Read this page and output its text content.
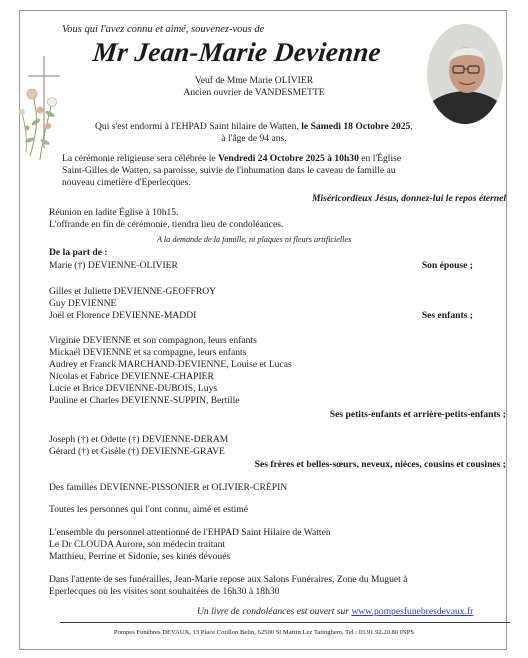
Vous qui l'avez connu et aimé, souvenez-vous de
Mr Jean-Marie Devienne
Veuf de Mme Marie OLIVIER
Ancien ouvrier de VANDESMETTE
Qui s'est endormi à l'EHPAD Saint hilaire de Watten, le Samedi 18 Octobre 2025,
à l'âge de 94 ans.
La cérémonie religieuse sera célébrée le Vendredi 24 Octobre 2025 à 10h30 en l'Église
Saint-Gilles de Watten, sa paroisse, suivie de l'inhumation dans le caveau de famille au
nouveau cimetière d'Eperlecques.
Miséricordieux Jésus, donnez-lui le repos éternel
Réunion en ladite Église à 10h15.
L'offrande en fin de cérémonie, tiendra lieu de condoléances.
A la demande de la famille, ni plaques ni fleurs artificielles
De la part de :
Marie (†) DEVIENNE-OLIVIER	Son épouse ;
Gilles et Juliette DEVIENNE-GEOFFROY
Guy DEVIENNE
Joël et Florence DEVIENNE-MADDI	Ses enfants ;
Virginie DEVIENNE et son compagnon, leurs enfants
Mickaël DEVIENNE et sa compagne, leurs enfants
Audrey et Franck MARCHAND-DEVIENNE, Louise et Lucas
Nicolas et Fabrice DEVIENNE-CHAPIER
Lucie et Brice DEVIENNE-DUBOIS, Luys
Pauline et Charles DEVIENNE-SUPPIN, Bertille
Ses petits-enfants et arrière-petits-enfants ;
Joseph (†) et Odette (†) DEVIENNE-DERAM
Gérard (†) et Gisèle (†) DEVIENNE-GRAVE
Ses frères et belles-sœurs, neveux, nièces, cousins et cousines ;
Des familles DEVIENNE-PISSONIER et OLIVIER-CRÉPIN
Toutes les personnes qui l'ont connu, aimé et estimé
L'ensemble du personnel attentionné de l'EHPAD Saint Hilaire de Watten
Le Dr CLOUDA Aurore, son médecin traitant
Matthieu, Perrine et Sidonie, ses kinés dévoués
Dans l'attente de ses funérailles, Jean-Marie repose aux Salons Funéraires, Zone du Muguet à
Eperlecques où les visites sont souhaitées de 16h30 à 18h30
Un livre de condoléances est ouvert sur www.pompesfunebresdevaux.fr
Pompes Funèbres DEVAUX, 13 Place Cotillon Belin, 62500 St Martin Lez Tatinghem, Tel : 03.91.92.20.80 INPS
